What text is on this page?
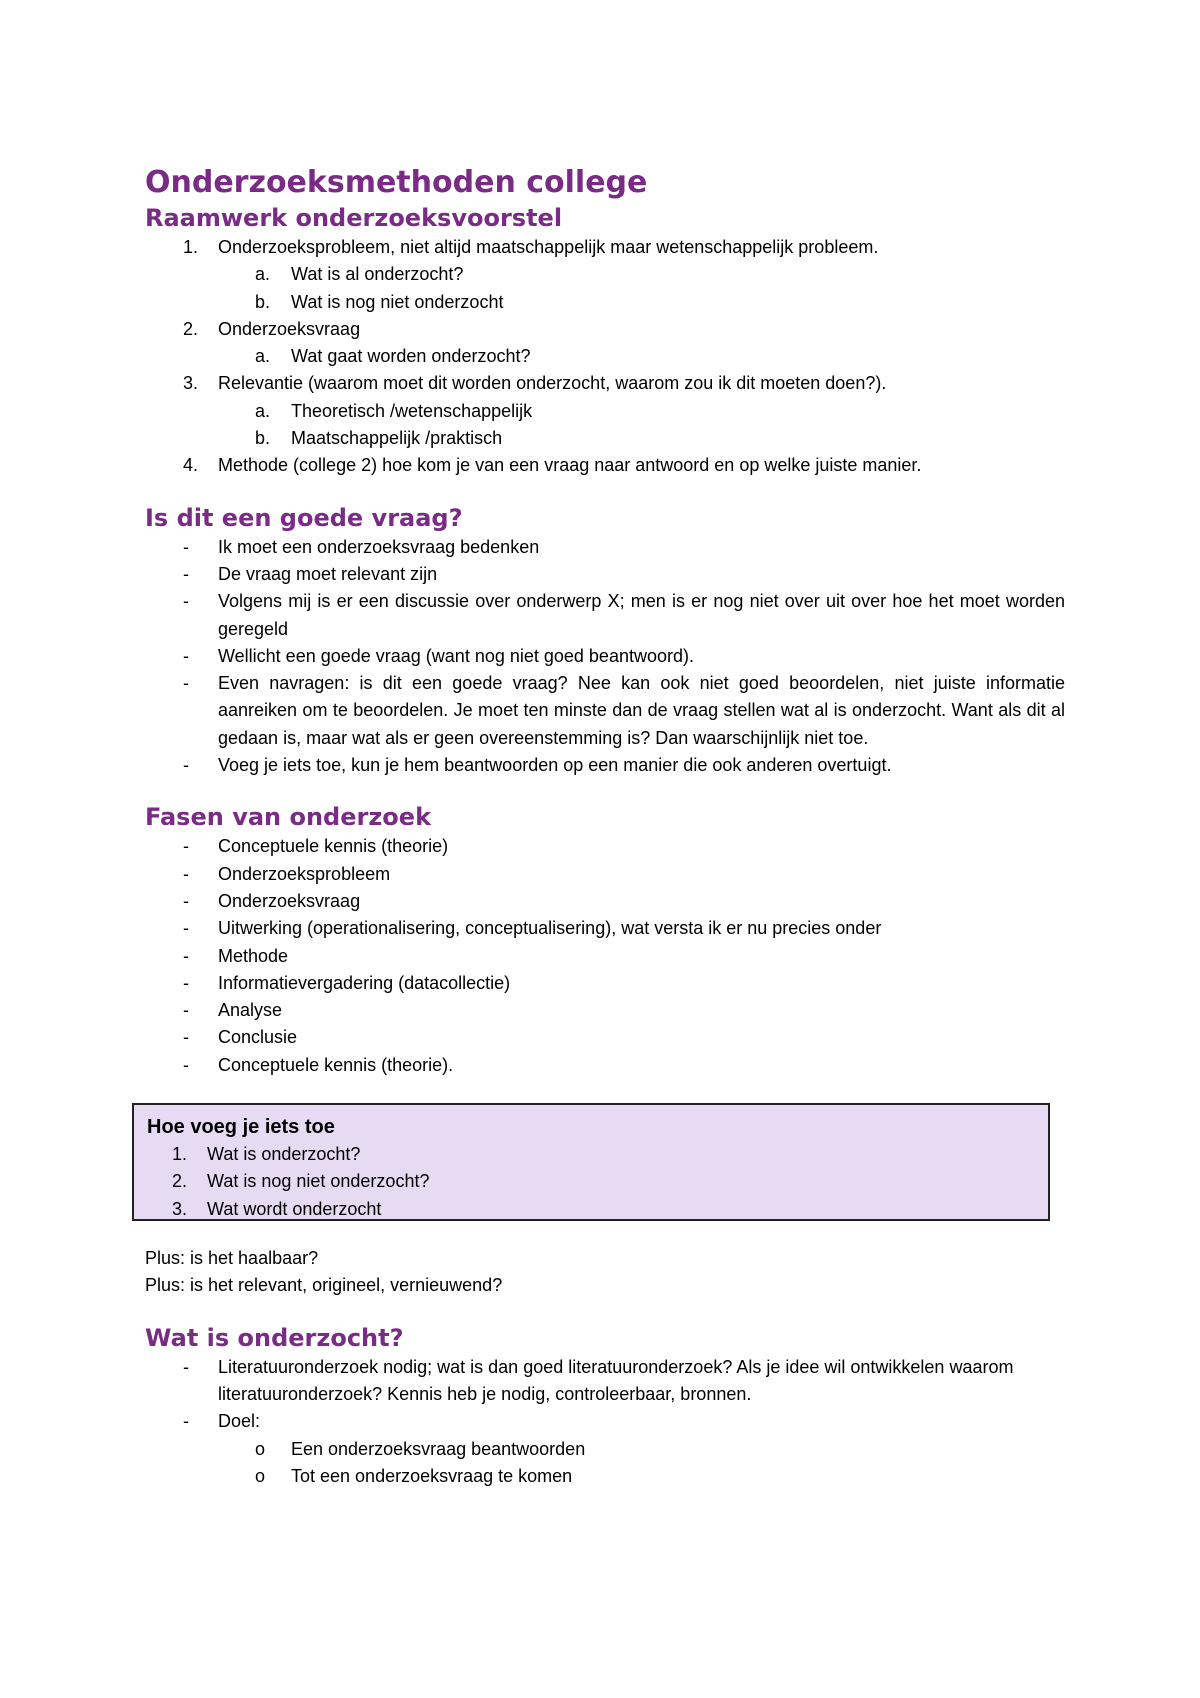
Onderzoeksmethoden college
Raamwerk onderzoeksvoorstel
1. Onderzoeksprobleem, niet altijd maatschappelijk maar wetenschappelijk probleem.
a. Wat is al onderzocht?
b. Wat is nog niet onderzocht
2. Onderzoeksvraag
a. Wat gaat worden onderzocht?
3. Relevantie (waarom moet dit worden onderzocht, waarom zou ik dit moeten doen?).
a. Theoretisch /wetenschappelijk
b. Maatschappelijk /praktisch
4. Methode (college 2) hoe kom je van een vraag naar antwoord en op welke juiste manier.
Is dit een goede vraag?
- Ik moet een onderzoeksvraag bedenken
- De vraag moet relevant zijn
- Volgens mij is er een discussie over onderwerp X; men is er nog niet over uit over hoe het moet worden geregeld
- Wellicht een goede vraag (want nog niet goed beantwoord).
- Even navragen: is dit een goede vraag? Nee kan ook niet goed beoordelen, niet juiste informatie aanreiken om te beoordelen. Je moet ten minste dan de vraag stellen wat al is onderzocht. Want als dit al gedaan is, maar wat als er geen overeenstemming is? Dan waarschijnlijk niet toe.
- Voeg je iets toe, kun je hem beantwoorden op een manier die ook anderen overtuigt.
Fasen van onderzoek
- Conceptuele kennis (theorie)
- Onderzoeksprobleem
- Onderzoeksvraag
- Uitwerking (operationalisering, conceptualisering), wat versta ik er nu precies onder
- Methode
- Informatievergadering (datacollectie)
- Analyse
- Conclusie
- Conceptuele kennis (theorie).
Hoe voeg je iets toe
1. Wat is onderzocht?
2. Wat is nog niet onderzocht?
3. Wat wordt onderzocht
Plus: is het haalbaar?
Plus: is het relevant, origineel, vernieuwend?
Wat is onderzocht?
- Literatuuronderzoek nodig; wat is dan goed literatuuronderzoek? Als je idee wil ontwikkelen waarom literatuuronderzoek? Kennis heb je nodig, controleerbaar, bronnen.
- Doel:
o Een onderzoeksvraag beantwoorden
o Tot een onderzoeksvraag te komen
